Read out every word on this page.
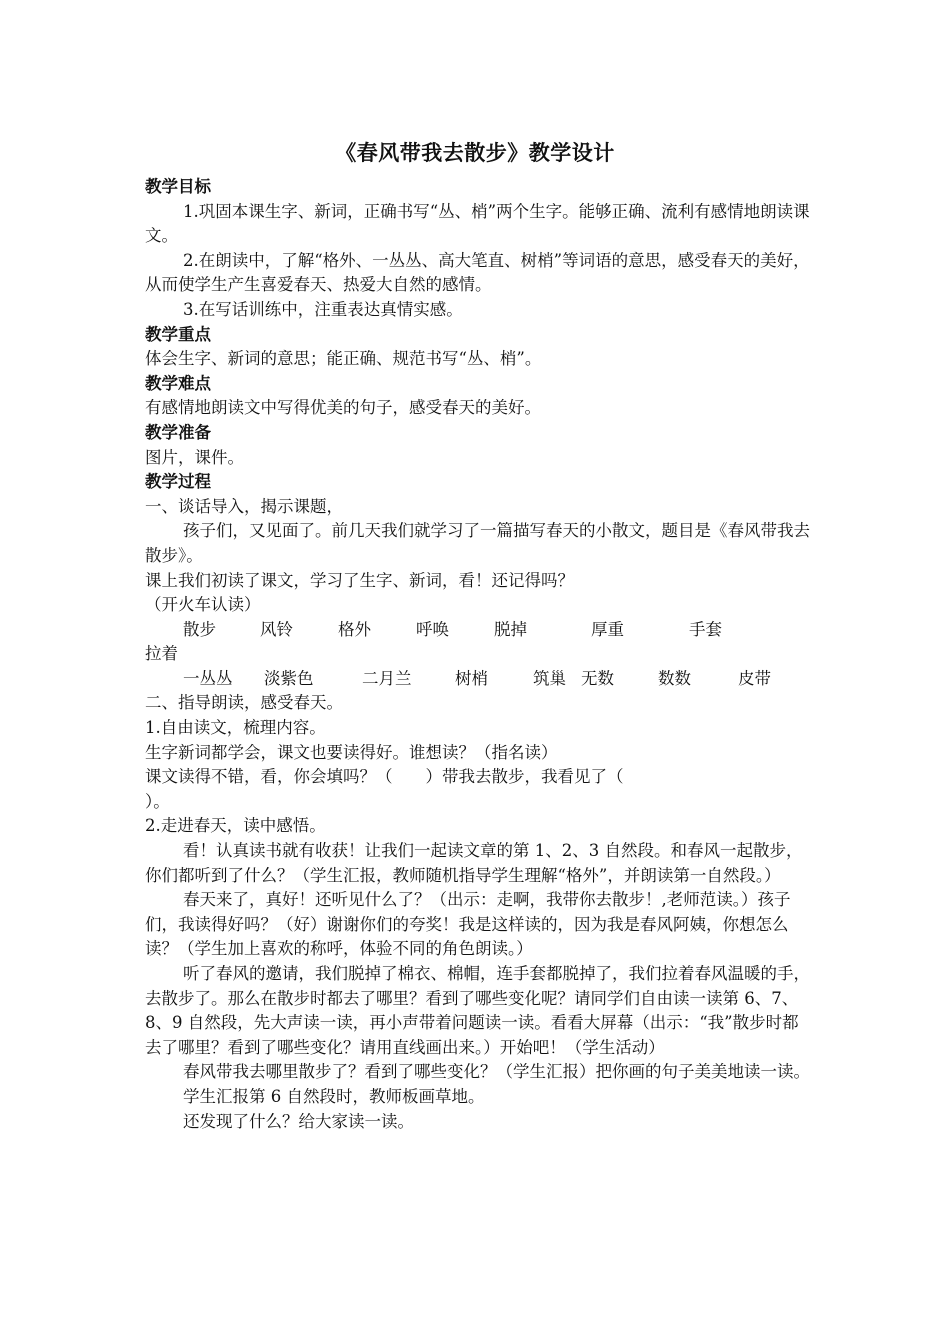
《春风带我去散步》教学设计

教学目标

1.巩固本课生字、新词，正确书写“丛、梢”两个生字。能够正确、流利有感情地朗读课文。

2.在朗读中，了解“格外、一丛丛、高大笔直、树梢”等词语的意思，感受春天的美好，从而使学生产生喜爱春天、热爱大自然的感情。

3.在写话训练中，注重表达真情实感。

教学重点

体会生字、新词的意思；能正确、规范书写“丛、梢”。

教学难点

有感情地朗读文中写得优美的句子，感受春天的美好。

教学准备

图片，课件。

教学过程

一、谈话导入，揭示课题，

孩子们，又见面了。前几天我们就学习了一篇描写春天的小散文，题目是《春风带我去散步》。

课上我们初读了课文，学习了生字、新词，看！还记得吗？

（开火车认读）

散步	风铃	格外	呼唤	脱掉	厚重	手套

拉着

一丛丛	淡紫色	二月兰	树梢	筑巢 无数	数数	皮带

二、指导朗读，感受春天。

1.自由读文，梳理内容。

生字新词都学会，课文也要读得好。谁想读？（指名读）

课文读得不错，看，你会填吗？（　　）带我去散步，我看见了（

）。

2.走进春天，读中感悟。

看！认真读书就有收获！让我们一起读文章的第 1、2、3 自然段。和春风一起散步，你们都听到了什么？（学生汇报，教师随机指导学生理解“格外”，并朗读第一自然段。）

春天来了，真好！还听见什么了？（出示：走啊，我带你去散步！,老师范读。）孩子们，我读得好吗？（好）谢谢你们的夸奖！我是这样读的，因为我是春风阿姨，你想怎么读？（学生加上喜欢的称呼，体验不同的角色朗读。）

听了春风的邀请，我们脱掉了棉衣、棉帽，连手套都脱掉了，我们拉着春风温暖的手，去散步了。那么在散步时都去了哪里？看到了哪些变化呢？请同学们自由读一读第 6、7、8、9 自然段，先大声读一读，再小声带着问题读一读。看看大屏幕（出示：“我”散步时都去了哪里？看到了哪些变化？请用直线画出来。）开始吧！（学生活动）

春风带我去哪里散步了？看到了哪些变化？（学生汇报）把你画的句子美美地读一读。

学生汇报第 6 自然段时，教师板画草地。

还发现了什么？给大家读一读。
